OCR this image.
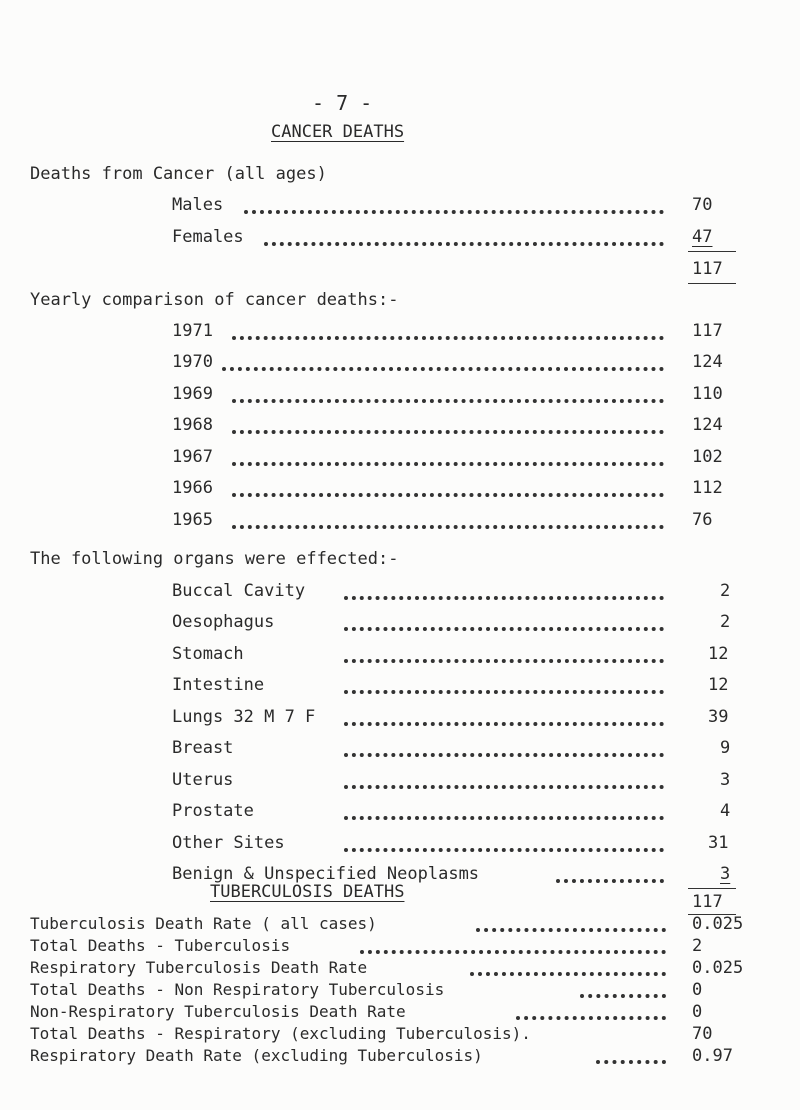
- 7 -
CANCER DEATHS
Deaths from Cancer (all ages)
Males	70
Females	47
117
Yearly comparison of cancer deaths:-
1971	117
1970	124
1969	110
1968	124
1967	102
1966	112
1965	76
The following organs were effected:-
Buccal Cavity	2
Oesophagus	2
Stomach	12
Intestine	12
Lungs 32 M 7 F	39
Breast	9
Uterus	3
Prostate	4
Other Sites	31
Benign & Unspecified Neoplasms	3
117
TUBERCULOSIS DEATHS
Tuberculosis Death Rate ( all cases)	0.025
Total Deaths - Tuberculosis	2
Respiratory Tuberculosis Death Rate	0.025
Total Deaths - Non Respiratory Tuberculosis	0
Non-Respiratory Tuberculosis Death Rate	0
Total Deaths - Respiratory (excluding Tuberculosis).	70
Respiratory Death Rate (excluding Tuberculosis)	0.97
